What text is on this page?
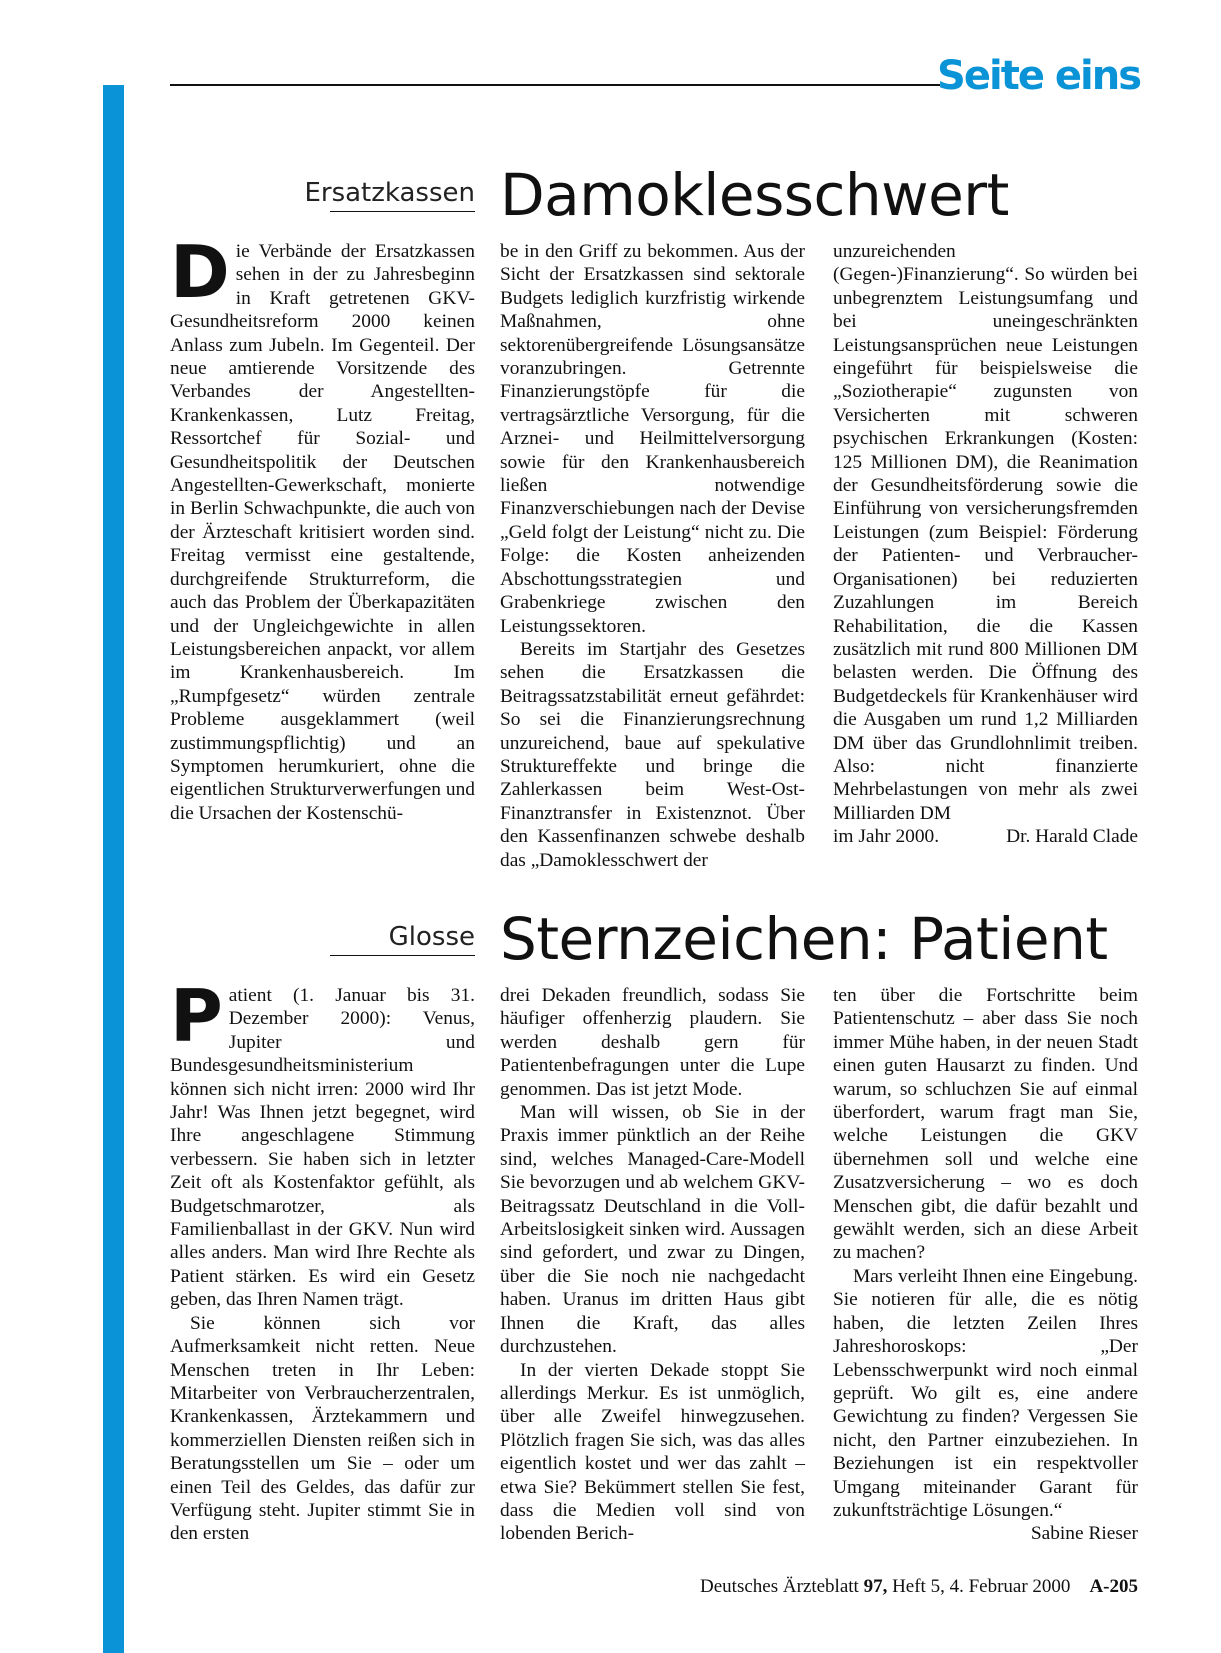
Seite eins
Ersatzkassen Damoklesschwert

Die Verbände der Ersatzkassen sehen in der zu Jahresbeginn in Kraft getretenen GKV-Gesundheitsreform 2000 keinen Anlass zum Jubeln. Im Gegenteil. Der neue amtierende Vorsitzende des Verbandes der Angestellten-Krankenkassen, Lutz Freitag, Ressortchef für Sozial- und Gesundheitspolitik der Deutschen Angestellten-Gewerkschaft, monierte in Berlin Schwachpunkte, die auch von der Ärzteschaft kritisiert worden sind. Freitag vermisst eine gestaltende, durchgreifende Strukturreform, die auch das Problem der Überkapazitäten und der Ungleichgewichte in allen Leistungsbereichen anpackt, vor allem im Krankenhausbereich. Im „Rumpfgesetz“ würden zentrale Probleme ausgeklammert (weil zustimmungspflichtig) und an Symptomen herumkuriert, ohne die eigentlichen Strukturverwerfungen und die Ursachen der Kostenschü-

be in den Griff zu bekommen. Aus der Sicht der Ersatzkassen sind sektorale Budgets lediglich kurzfristig wirkende Maßnahmen, ohne sektorenübergreifende Lösungsansätze voranzubringen. Getrennte Finanzierungstöpfe für die vertragsärztliche Versorgung, für die Arznei- und Heilmittelversorgung sowie für den Krankenhausbereich ließen notwendige Finanzverschiebungen nach der Devise „Geld folgt der Leistung“ nicht zu. Die Folge: die Kosten anheizenden Abschottungsstrategien und Grabenkriege zwischen den Leistungssektoren.

Bereits im Startjahr des Gesetzes sehen die Ersatzkassen die Beitragssatzstabilität erneut gefährdet: So sei die Finanzierungsrechnung unzureichend, baue auf spekulative Struktureffekte und bringe die Zahlerkassen beim West-Ost-Finanztransfer in Existenznot. Über den Kassenfinanzen schwebe deshalb das „Damoklesschwert der

unzureichenden (Gegen-)Finanzierung“. So würden bei unbegrenztem Leistungsumfang und bei uneingeschränkten Leistungsansprüchen neue Leistungen eingeführt für beispielsweise die „Soziotherapie“ zugunsten von Versicherten mit schweren psychischen Erkrankungen (Kosten: 125 Millionen DM), die Reanimation der Gesundheitsförderung sowie die Einführung von versicherungsfremden Leistungen (zum Beispiel: Förderung der Patienten- und Verbraucher-Organisationen) bei reduzierten Zuzahlungen im Bereich Rehabilitation, die die Kassen zusätzlich mit rund 800 Millionen DM belasten werden. Die Öffnung des Budgetdeckels für Krankenhäuser wird die Ausgaben um rund 1,2 Milliarden DM über das Grundlohnlimit treiben. Also: nicht finanzierte Mehrbelastungen von mehr als zwei Milliarden DM

im Jahr 2000.	Dr. Harald Clade
Glosse Sternzeichen: Patient

Patient (1. Januar bis 31. Dezember 2000): Venus, Jupiter und Bundesgesundheitsministerium können sich nicht irren: 2000 wird Ihr Jahr! Was Ihnen jetzt begegnet, wird Ihre angeschlagene Stimmung verbessern. Sie haben sich in letzter Zeit oft als Kostenfaktor gefühlt, als Budgetschmarotzer, als Familienballast in der GKV. Nun wird alles anders. Man wird Ihre Rechte als Patient stärken. Es wird ein Gesetz geben, das Ihren Namen trägt.

Sie können sich vor Aufmerksamkeit nicht retten. Neue Menschen treten in Ihr Leben: Mitarbeiter von Verbraucherzentralen, Krankenkassen, Ärztekammern und kommerziellen Diensten reißen sich in Beratungsstellen um Sie – oder um einen Teil des Geldes, das dafür zur Verfügung steht. Jupiter stimmt Sie in den ersten

drei Dekaden freundlich, sodass Sie häufiger offenherzig plaudern. Sie werden deshalb gern für Patientenbefragungen unter die Lupe genommen. Das ist jetzt Mode.

Man will wissen, ob Sie in der Praxis immer pünktlich an der Reihe sind, welches Managed-Care-Modell Sie bevorzugen und ab welchem GKV-Beitragssatz Deutschland in die Voll-Arbeitslosigkeit sinken wird. Aussagen sind gefordert, und zwar zu Dingen, über die Sie noch nie nachgedacht haben. Uranus im dritten Haus gibt Ihnen die Kraft, das alles durchzustehen.

In der vierten Dekade stoppt Sie allerdings Merkur. Es ist unmöglich, über alle Zweifel hinwegzusehen. Plötzlich fragen Sie sich, was das alles eigentlich kostet und wer das zahlt – etwa Sie? Bekümmert stellen Sie fest, dass die Medien voll sind von lobenden Berich-

ten über die Fortschritte beim Patientenschutz – aber dass Sie noch immer Mühe haben, in der neuen Stadt einen guten Hausarzt zu finden. Und warum, so schluchzen Sie auf einmal überfordert, warum fragt man Sie, welche Leistungen die GKV übernehmen soll und welche eine Zusatzversicherung – wo es doch Menschen gibt, die dafür bezahlt und gewählt werden, sich an diese Arbeit zu machen?

Mars verleiht Ihnen eine Eingebung. Sie notieren für alle, die es nötig haben, die letzten Zeilen Ihres Jahreshoroskops: „Der Lebensschwerpunkt wird noch einmal geprüft. Wo gilt es, eine andere Gewichtung zu finden? Vergessen Sie nicht, den Partner einzubeziehen. In Beziehungen ist ein respektvoller Umgang miteinander Garant für zukunftsträchtige Lösungen.“

Sabine Rieser
Deutsches Ärzteblatt 97, Heft 5, 4. Februar 2000 A-205
